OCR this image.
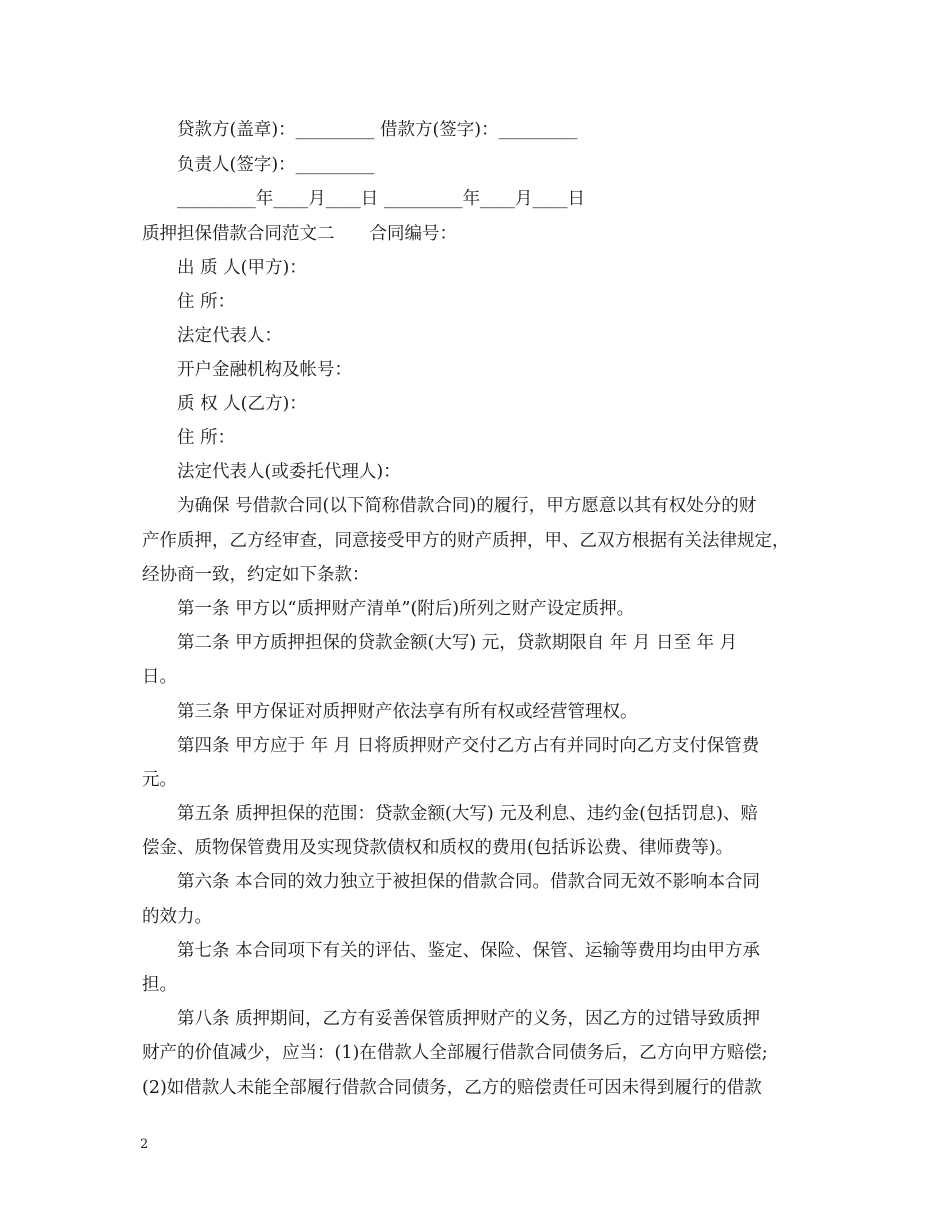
贷款方(盖章)：_________ 借款方(签字)：_________
负责人(签字)：_________
_________年____月____日 _________年____月____日
质押担保借款合同范文二　　合同编号：
出 质 人(甲方)：
住 所：
法定代表人：
开户金融机构及帐号：
质 权 人(乙方)：
住 所：
法定代表人(或委托代理人)：
为确保 号借款合同(以下简称借款合同)的履行，甲方愿意以其有权处分的财
产作质押，乙方经审查，同意接受甲方的财产质押，甲、乙双方根据有关法律规定，
经协商一致，约定如下条款：
第一条 甲方以“质押财产清单”(附后)所列之财产设定质押。
第二条 甲方质押担保的贷款金额(大写) 元，贷款期限自 年 月 日至 年 月
日。
第三条 甲方保证对质押财产依法享有所有权或经营管理权。
第四条 甲方应于 年 月 日将质押财产交付乙方占有并同时向乙方支付保管费
元。
第五条 质押担保的范围：贷款金额(大写) 元及利息、违约金(包括罚息)、赔
偿金、质物保管费用及实现贷款债权和质权的费用(包括诉讼费、律师费等)。
第六条 本合同的效力独立于被担保的借款合同。借款合同无效不影响本合同
的效力。
第七条 本合同项下有关的评估、鉴定、保险、保管、运输等费用均由甲方承
担。
第八条 质押期间，乙方有妥善保管质押财产的义务，因乙方的过错导致质押
财产的价值减少，应当：(1)在借款人全部履行借款合同债务后，乙方向甲方赔偿;
(2)如借款人未能全部履行借款合同债务，乙方的赔偿责任可因未得到履行的借款
2
